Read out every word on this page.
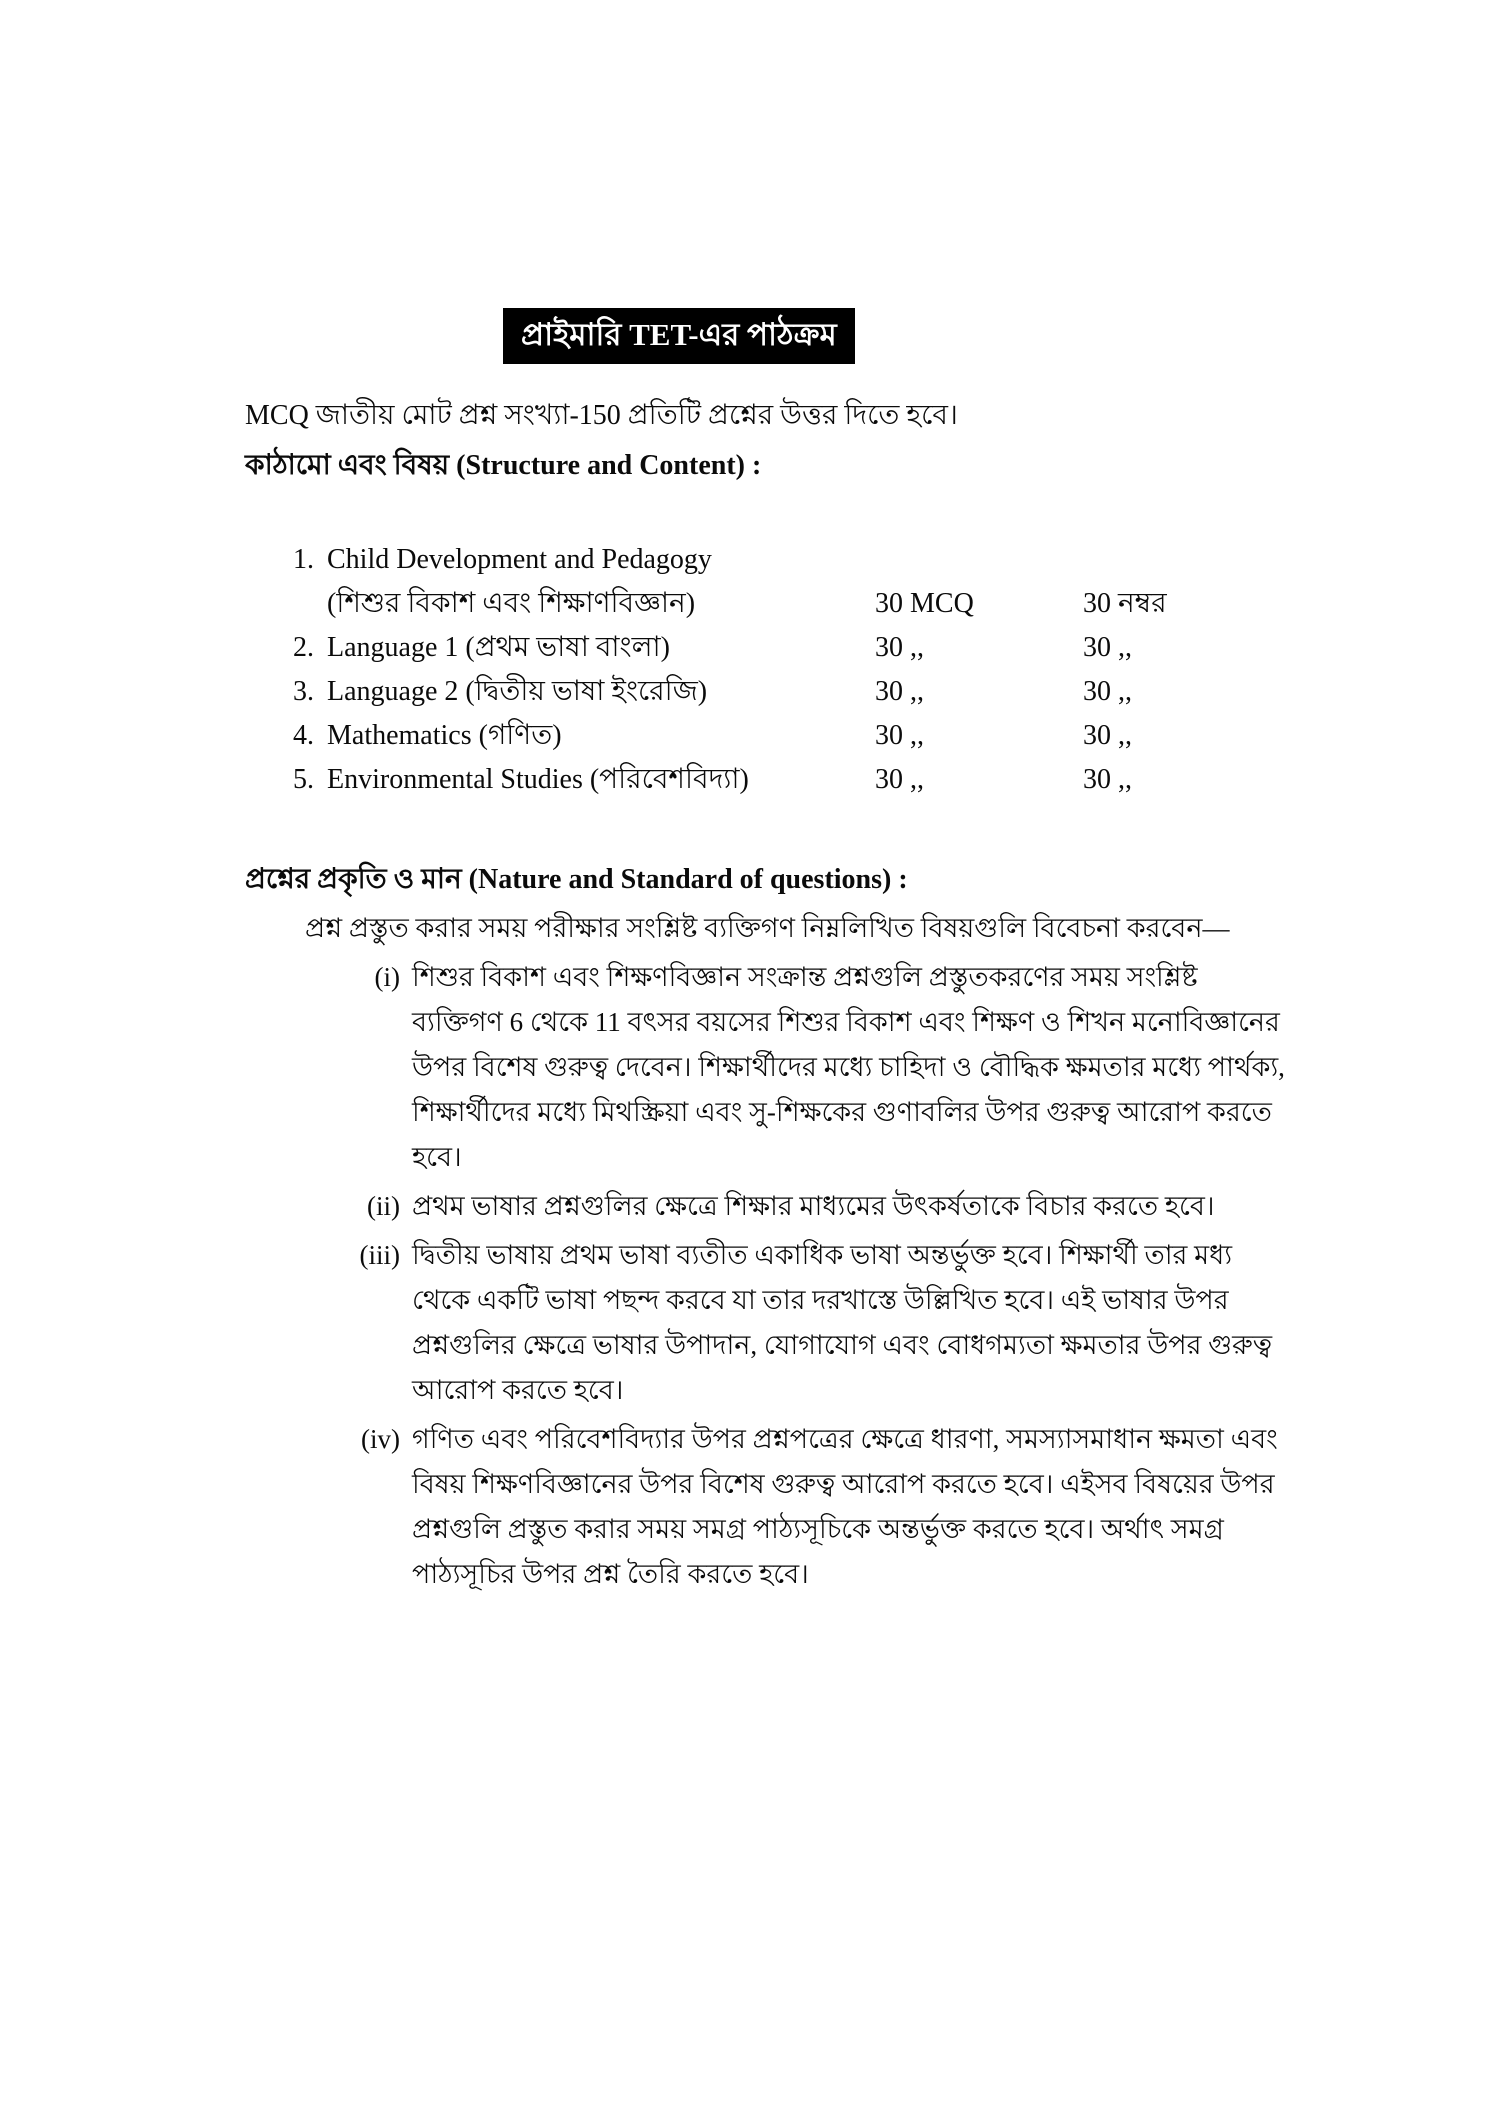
প্রাইমারি TET-এর পাঠক্রম

MCQ জাতীয় মোট প্রশ্ন সংখ্যা-150 প্রতিটি প্রশ্নের উত্তর দিতে হবে।

কাঠামো এবং বিষয় (Structure and Content) :
1. Child Development and Pedagogy
(শিশুর বিকাশ এবং শিক্ষাণবিজ্ঞান)	30 MCQ	30 নম্বর
2. Language 1 (প্রথম ভাষা বাংলা)	30 ,,	30 ,,
3. Language 2 (দ্বিতীয় ভাষা ইংরেজি)	30 ,,	30 ,,
4. Mathematics (গণিত)	30 ,,	30 ,,
5. Environmental Studies (পরিবেশবিদ্যা)	30 ,,	30 ,,
প্রশ্নের প্রকৃতি ও মান (Nature and Standard of questions) :

প্রশ্ন প্রস্তুত করার সময় পরীক্ষার সংশ্লিষ্ট ব্যক্তিগণ নিম্নলিখিত বিষয়গুলি বিবেচনা করবেন—

(i) শিশুর বিকাশ এবং শিক্ষণবিজ্ঞান সংক্রান্ত প্রশ্নগুলি প্রস্তুতকরণের সময় সংশ্লিষ্ট ব্যক্তিগণ 6 থেকে 11 বৎসর বয়সের শিশুর বিকাশ এবং শিক্ষণ ও শিখন মনোবিজ্ঞানের উপর বিশেষ গুরুত্ব দেবেন। শিক্ষার্থীদের মধ্যে চাহিদা ও বৌদ্ধিক ক্ষমতার মধ্যে পার্থক্য, শিক্ষার্থীদের মধ্যে মিথস্ক্রিয়া এবং সু-শিক্ষকের গুণাবলির উপর গুরুত্ব আরোপ করতে হবে।
(ii) প্রথম ভাষার প্রশ্নগুলির ক্ষেত্রে শিক্ষার মাধ্যমের উৎকর্ষতাকে বিচার করতে হবে।
(iii) দ্বিতীয় ভাষায় প্রথম ভাষা ব্যতীত একাধিক ভাষা অন্তর্ভুক্ত হবে। শিক্ষার্থী তার মধ্য থেকে একটি ভাষা পছন্দ করবে যা তার দরখাস্তে উল্লিখিত হবে। এই ভাষার উপর প্রশ্নগুলির ক্ষেত্রে ভাষার উপাদান, যোগাযোগ এবং বোধগম্যতা ক্ষমতার উপর গুরুত্ব আরোপ করতে হবে।
(iv) গণিত এবং পরিবেশবিদ্যার উপর প্রশ্নপত্রের ক্ষেত্রে ধারণা, সমস্যাসমাধান ক্ষমতা এবং বিষয় শিক্ষণবিজ্ঞানের উপর বিশেষ গুরুত্ব আরোপ করতে হবে। এইসব বিষয়ের উপর প্রশ্নগুলি প্রস্তুত করার সময় সমগ্র পাঠ্যসূচিকে অন্তর্ভুক্ত করতে হবে। অর্থাৎ সমগ্র পাঠ্যসূচির উপর প্রশ্ন তৈরি করতে হবে।
